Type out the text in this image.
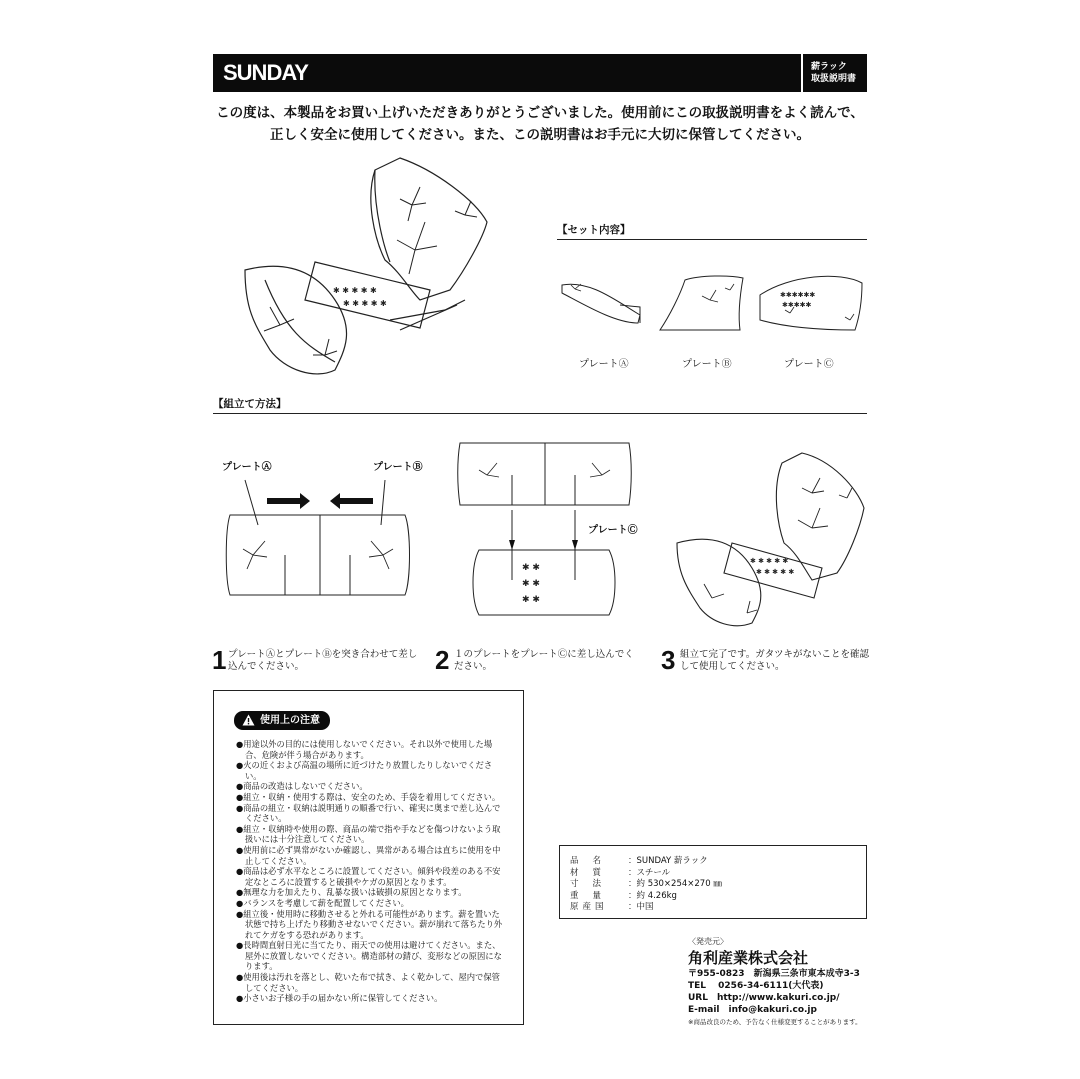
SUNDAY	薪ラック
取扱説明書
この度は、本製品をお買い上げいただきありがとうございました。使用前にこの取扱説明書をよく読んで、
正しく安全に使用してください。また、この説明書はお手元に大切に保管してください。
✱ ✱ ✱ ✱ ✱
✱ ✱ ✱ ✱ ✱
【セット内容】
✱✱✱✱✱✱
✱✱✱✱✱
プレートⒶ	プレートⒷ	プレートⒸ
【組立て方法】
プレートⒶ	プレートⒷ
✱ ✱
✱ ✱
✱ ✱
プレートⒸ
✱ ✱ ✱ ✱ ✱
✱ ✱ ✱ ✱ ✱
1 プレートⒶとプレートⒷを突き合わせて差し
込んでください。	2 １のプレートをプレートⒸに差し込んでく
ださい。	3 組立て完了です。ガタツキがないことを確認
して使用してください。
使用上の注意
●用途以外の目的には使用しないでください。それ以外で使用した場合、危険が伴う場合があります。
●火の近くおよび高温の場所に近づけたり放置したりしないでください。
●商品の改造はしないでください。
●組立・収納・使用する際は、安全のため、手袋を着用してください。
●商品の組立・収納は説明通りの順番で行い、確実に奥まで差し込んでください。
●組立・収納時や使用の際、商品の端で指や手などを傷つけないよう取扱いには十分注意してください。
●使用前に必ず異常がないか確認し、異常がある場合は直ちに使用を中止してください。
●商品は必ず水平なところに設置してください。傾斜や段差のある不安定なところに設置すると破損やケガの原因となります。
●無理な力を加えたり、乱暴な扱いは破損の原因となります。
●バランスを考慮して薪を配置してください。
●組立後・使用時に移動させると外れる可能性があります。薪を置いた状態で持ち上げたり移動させないでください。薪が崩れて落ちたり外れてケガをする恐れがあります。
●長時間直射日光に当てたり、雨天での使用は避けてください。また、屋外に放置しないでください。構造部材の錆び、変形などの原因になります。
●使用後は汚れを落とし、乾いた布で拭き、よく乾かして、屋内で保管してください。
●小さいお子様の手の届かない所に保管してください。
品名 ：SUNDAY 薪ラック
材質 ：スチール
寸法 ：約 530×254×270 ㎜
重量 ：約 4.26kg
原産国 ：中国
〈発売元〉
角利産業株式会社
〒955-0823　新潟県三条市東本成寺3-3
TEL　 0256-34-6111(大代表)
URL　http://www.kakuri.co.jp/
E-mail　info@kakuri.co.jp
※商品改良のため、予告なく仕様変更することがあります。
